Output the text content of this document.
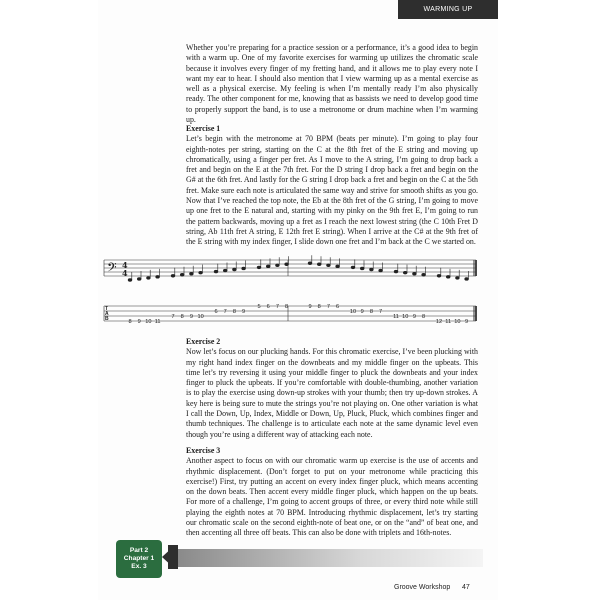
WARMING UP
Whether you’re preparing for a practice session or a performance, it’s a good idea to begin with a warm up. One of my favorite exercises for warming up utilizes the chromatic scale because it involves every finger of my fretting hand, and it allows me to play every note I want my ear to hear. I should also mention that I view warming up as a mental exercise as well as a physical exercise. My feeling is when I’m mentally ready I’m also physically ready. The other component for me, knowing that as bassists we need to develop good time to properly support the band, is to use a metronome or drum machine when I’m warming up.
Exercise 1
Let’s begin with the metronome at 70 BPM (beats per minute). I’m going to play four eighth-notes per string, starting on the C at the 8th fret of the E string and moving up chromatically, using a finger per fret. As I move to the A string, I’m going to drop back a fret and begin on the E at the 7th fret. For the D string I drop back a fret and begin on the G# at the 6th fret. And lastly for the G string I drop back a fret and begin on the C at the 5th fret. Make sure each note is articulated the same way and strive for smooth shifts as you go. Now that I’ve reached the top note, the Eb at the 8th fret of the G string, I’m going to move up one fret to the E natural and, starting with my pinky on the 9th fret E, I’m going to run the pattern backwards, moving up a fret as I reach the next lowest string (the C 10th Fret D string, Ab 11th fret A string, E 12th fret E string). When I arrive at the C# at the 9th fret of the E string with my index finger, I slide down one fret and I’m back at the C we started on.
𝄢 4
4
T
A
B	8 9 10 11
7 8 9 10
6 7 8 9
5 6 7 8	9 8 7 6
10 9 8 7
11 10 9 8
12 11 10 9
Exercise 2
Now let’s focus on our plucking hands. For this chromatic exercise, I’ve been plucking with my right hand index finger on the downbeats and my middle finger on the upbeats. This time let’s try reversing it using your middle finger to pluck the downbeats and your index finger to pluck the upbeats. If you’re comfortable with double-thumbing, another variation is to play the exercise using down-up strokes with your thumb; then try up-down strokes. A key here is being sure to mute the strings you’re not playing on. One other variation is what I call the Down, Up, Index, Middle or Down, Up, Pluck, Pluck, which combines finger and thumb techniques. The challenge is to articulate each note at the same dynamic level even though you’re using a different way of attacking each note.
Exercise 3
Another aspect to focus on with our chromatic warm up exercise is the use of accents and rhythmic displacement. (Don’t forget to put on your metronome while practicing this exercise!) First, try putting an accent on every index finger pluck, which means accenting on the down beats. Then accent every middle finger pluck, which happen on the up beats. For more of a challenge, I’m going to accent groups of three, or every third note while still playing the eighth notes at 70 BPM. Introducing rhythmic displacement, let’s try starting our chromatic scale on the second eighth-note of beat one, or on the “and” of beat one, and then accenting all three off beats. This can also be done with triplets and 16th-notes.
Part 2
Chapter 1
Ex. 3
Groove Workshop 47
